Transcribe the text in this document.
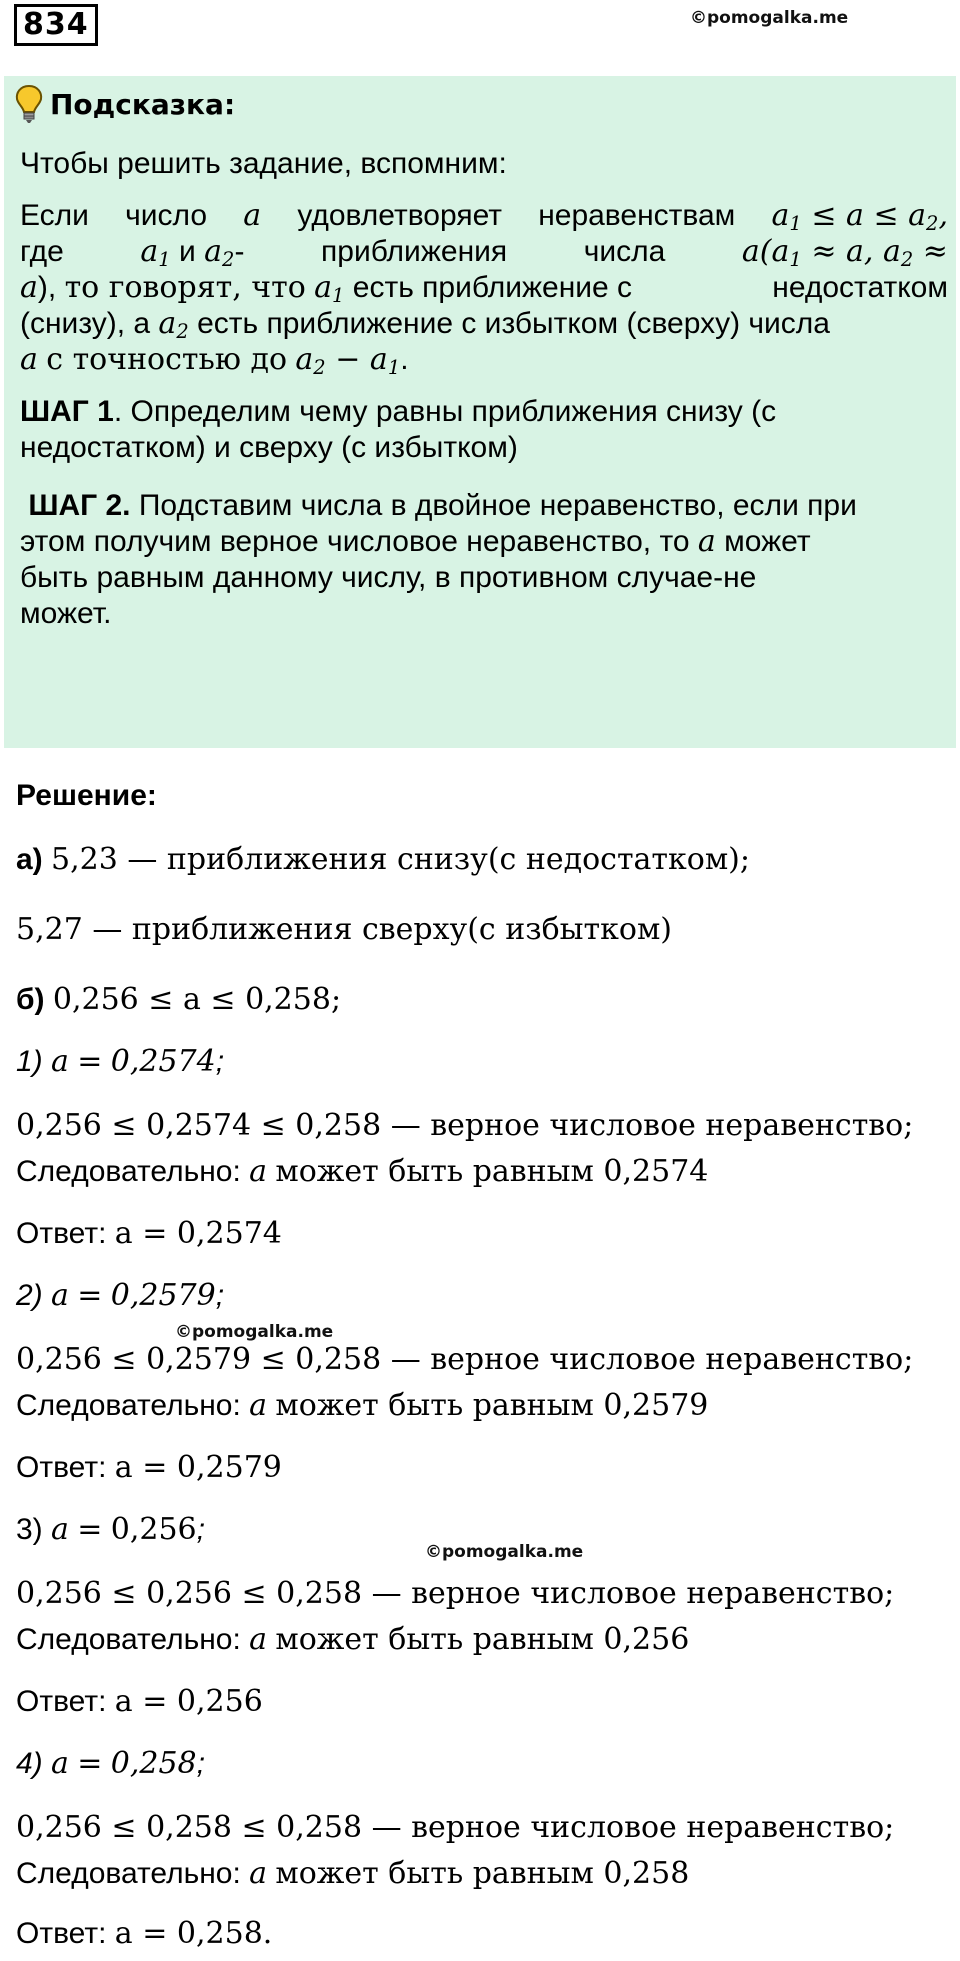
834	©pomogalka.me
Подсказка:
Чтобы решить задание, вспомним:
Если число a удовлетворяет неравенствам $a_1 \le a \le a_2$,
где	$a_1$ и $a_2-$	приближения	числа	$a(a_1 \approx a$, $a_2$ ≈
a), то говорят, что $a_1$ есть приближение с	недостатком
(снизу), а $a_2$ есть приближение с избытком (сверху) числа
a с точностью до $a_2 - a_1$.
ШАГ 1. Определим чему равны приближения снизу (с
недостатком) и сверху (с избытком)
ШАГ 2. Подставим числа в двойное неравенство, если при
этом получим верное числовое неравенство, то a может
быть равным данному числу, в противном случае-не
может.
Решение:
а) 5,23 — приближения снизу(с недостатком);
5,27 — приближения сверху(с избытком)
б) 0,256 ≤ a ≤ 0,258;
1) a = 0,2574;
0,256 ≤ 0,2574 ≤ 0,258 — верное числовое неравенство;
Следовательно: a может быть равным 0,2574
Ответ: a = 0,2574
2) a = 0,2579;
©pomogalka.me
0,256 ≤ 0,2579 ≤ 0,258 — верное числовое неравенство;
Следовательно: a может быть равным 0,2579
Ответ: a = 0,2579
3) a = 0,256;
©pomogalka.me
0,256 ≤ 0,256 ≤ 0,258 — верное числовое неравенство;
Следовательно: a может быть равным 0,256
Ответ: a = 0,256
4) a = 0,258;
0,256 ≤ 0,258 ≤ 0,258 — верное числовое неравенство;
Следовательно: a может быть равным 0,258
Ответ: a = 0,258.
